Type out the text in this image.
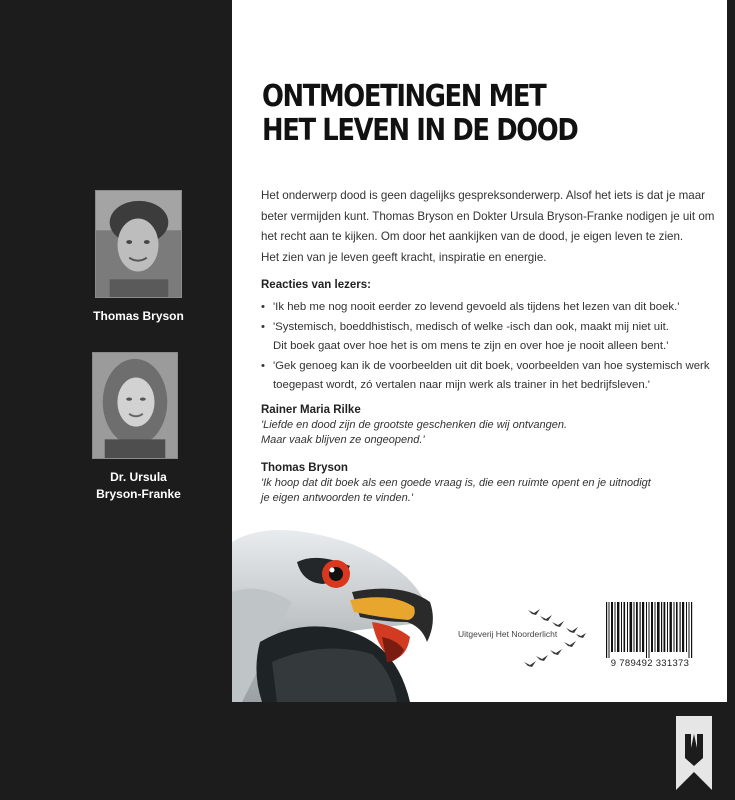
Thomas Bryson
Dr. Ursula
Bryson-Franke
ONTMOETINGEN MET
HET LEVEN IN DE DOOD
Het onderwerp dood is geen dagelijks gespreksonderwerp. Alsof het iets is dat je maar
beter vermijden kunt. Thomas Bryson en Dokter Ursula Bryson-Franke nodigen je uit om
het recht aan te kijken. Om door het aankijken van de dood, je eigen leven te zien.
Het zien van je leven geeft kracht, inspiratie en energie.
Reacties van lezers:
• 'Ik heb me nog nooit eerder zo levend gevoeld als tijdens het lezen van dit boek.'
• 'Systemisch, boeddhistisch, medisch of welke -isch dan ook, maakt mij niet uit.
Dit boek gaat over hoe het is om mens te zijn en over hoe je nooit alleen bent.'
• 'Gek genoeg kan ik de voorbeelden uit dit boek, voorbeelden van hoe systemisch werk
toegepast wordt, zó vertalen naar mijn werk als trainer in het bedrijfsleven.'
Rainer Maria Rilke
'Liefde en dood zijn de grootste geschenken die wij ontvangen.
Maar vaak blijven ze ongeopend.'
Thomas Bryson
'Ik hoop dat dit boek als een goede vraag is, die een ruimte opent en je uitnodigt
je eigen antwoorden te vinden.'
Uitgeverij Het Noorderlicht
9 789492 331373
